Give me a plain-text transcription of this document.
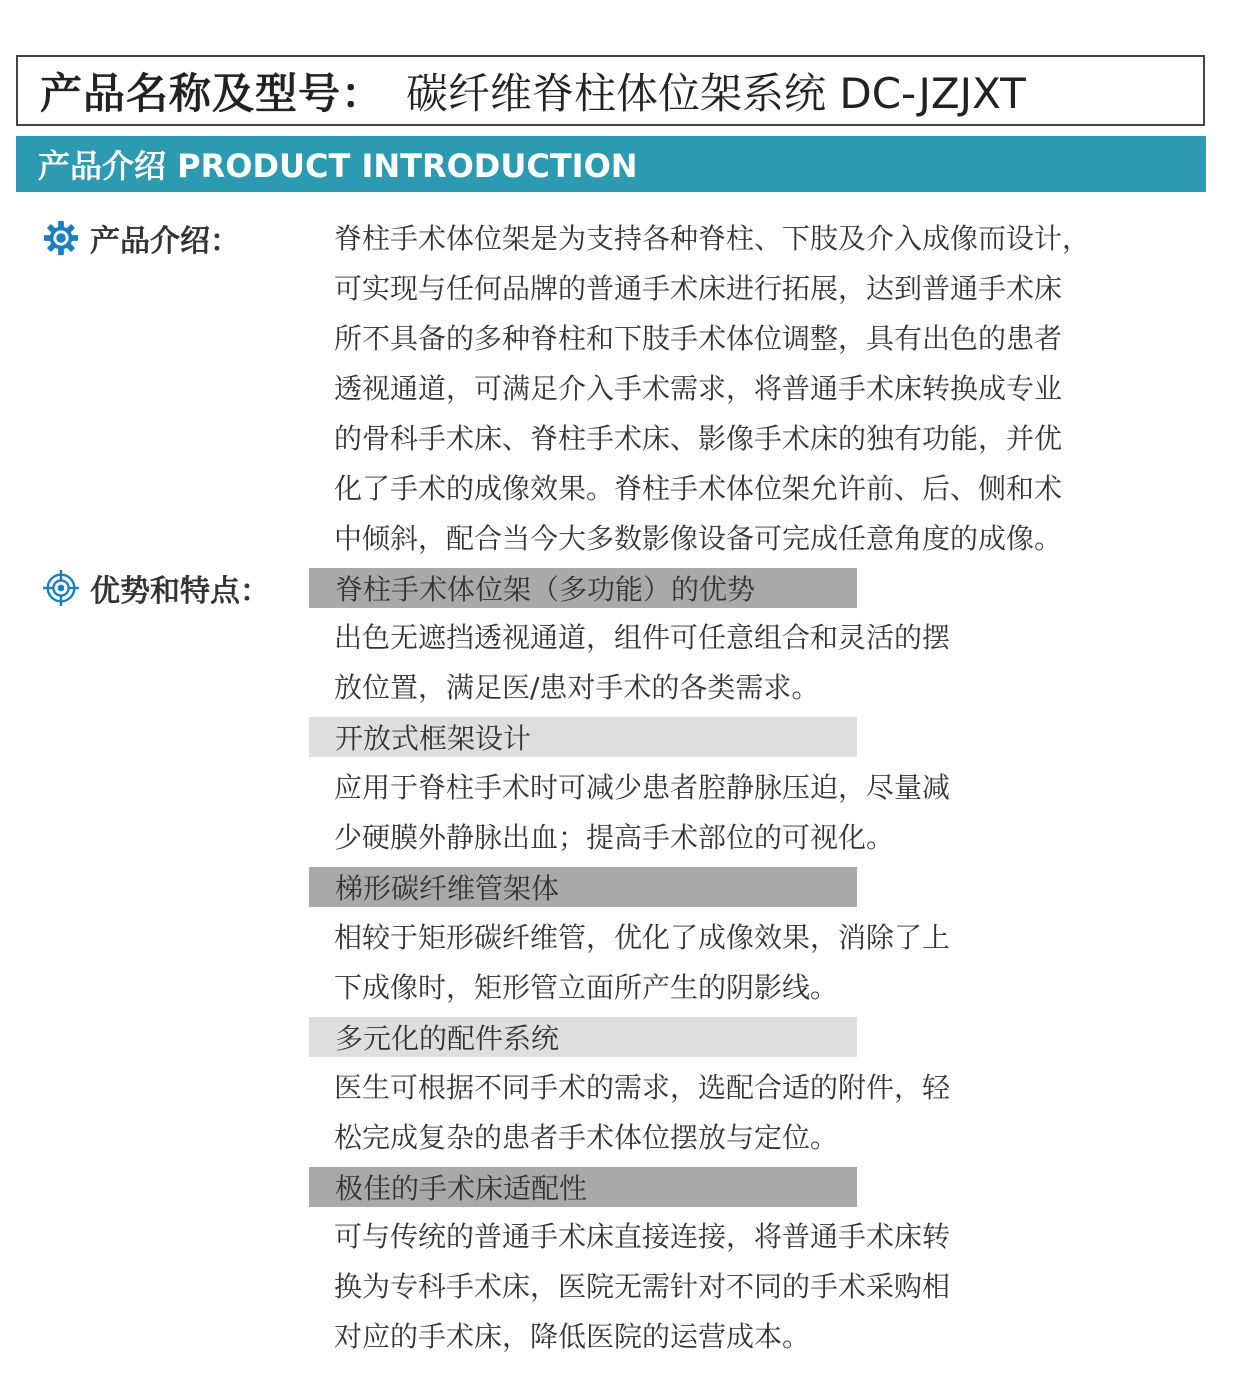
产品名称及型号： 碳纤维脊柱体位架系统 DC-JZJXT
产品介绍 PRODUCT INTRODUCTION
产品介绍：	脊柱手术体位架是为支持各种脊柱、下肢及介入成像而设计，
可实现与任何品牌的普通手术床进行拓展，达到普通手术床
所不具备的多种脊柱和下肢手术体位调整，具有出色的患者
透视通道，可满足介入手术需求，将普通手术床转换成专业
的骨科手术床、脊柱手术床、影像手术床的独有功能，并优
化了手术的成像效果。脊柱手术体位架允许前、后、侧和术
中倾斜，配合当今大多数影像设备可完成任意角度的成像。
优势和特点： 脊柱手术体位架（多功能）的优势
出色无遮挡透视通道，组件可任意组合和灵活的摆
放位置，满足医/患对手术的各类需求。
开放式框架设计
应用于脊柱手术时可减少患者腔静脉压迫，尽量减
少硬膜外静脉出血；提高手术部位的可视化。
梯形碳纤维管架体
相较于矩形碳纤维管，优化了成像效果，消除了上
下成像时，矩形管立面所产生的阴影线。
多元化的配件系统
医生可根据不同手术的需求，选配合适的附件，轻
松完成复杂的患者手术体位摆放与定位。
极佳的手术床适配性
可与传统的普通手术床直接连接，将普通手术床转
换为专科手术床，医院无需针对不同的手术采购相
对应的手术床，降低医院的运营成本。
